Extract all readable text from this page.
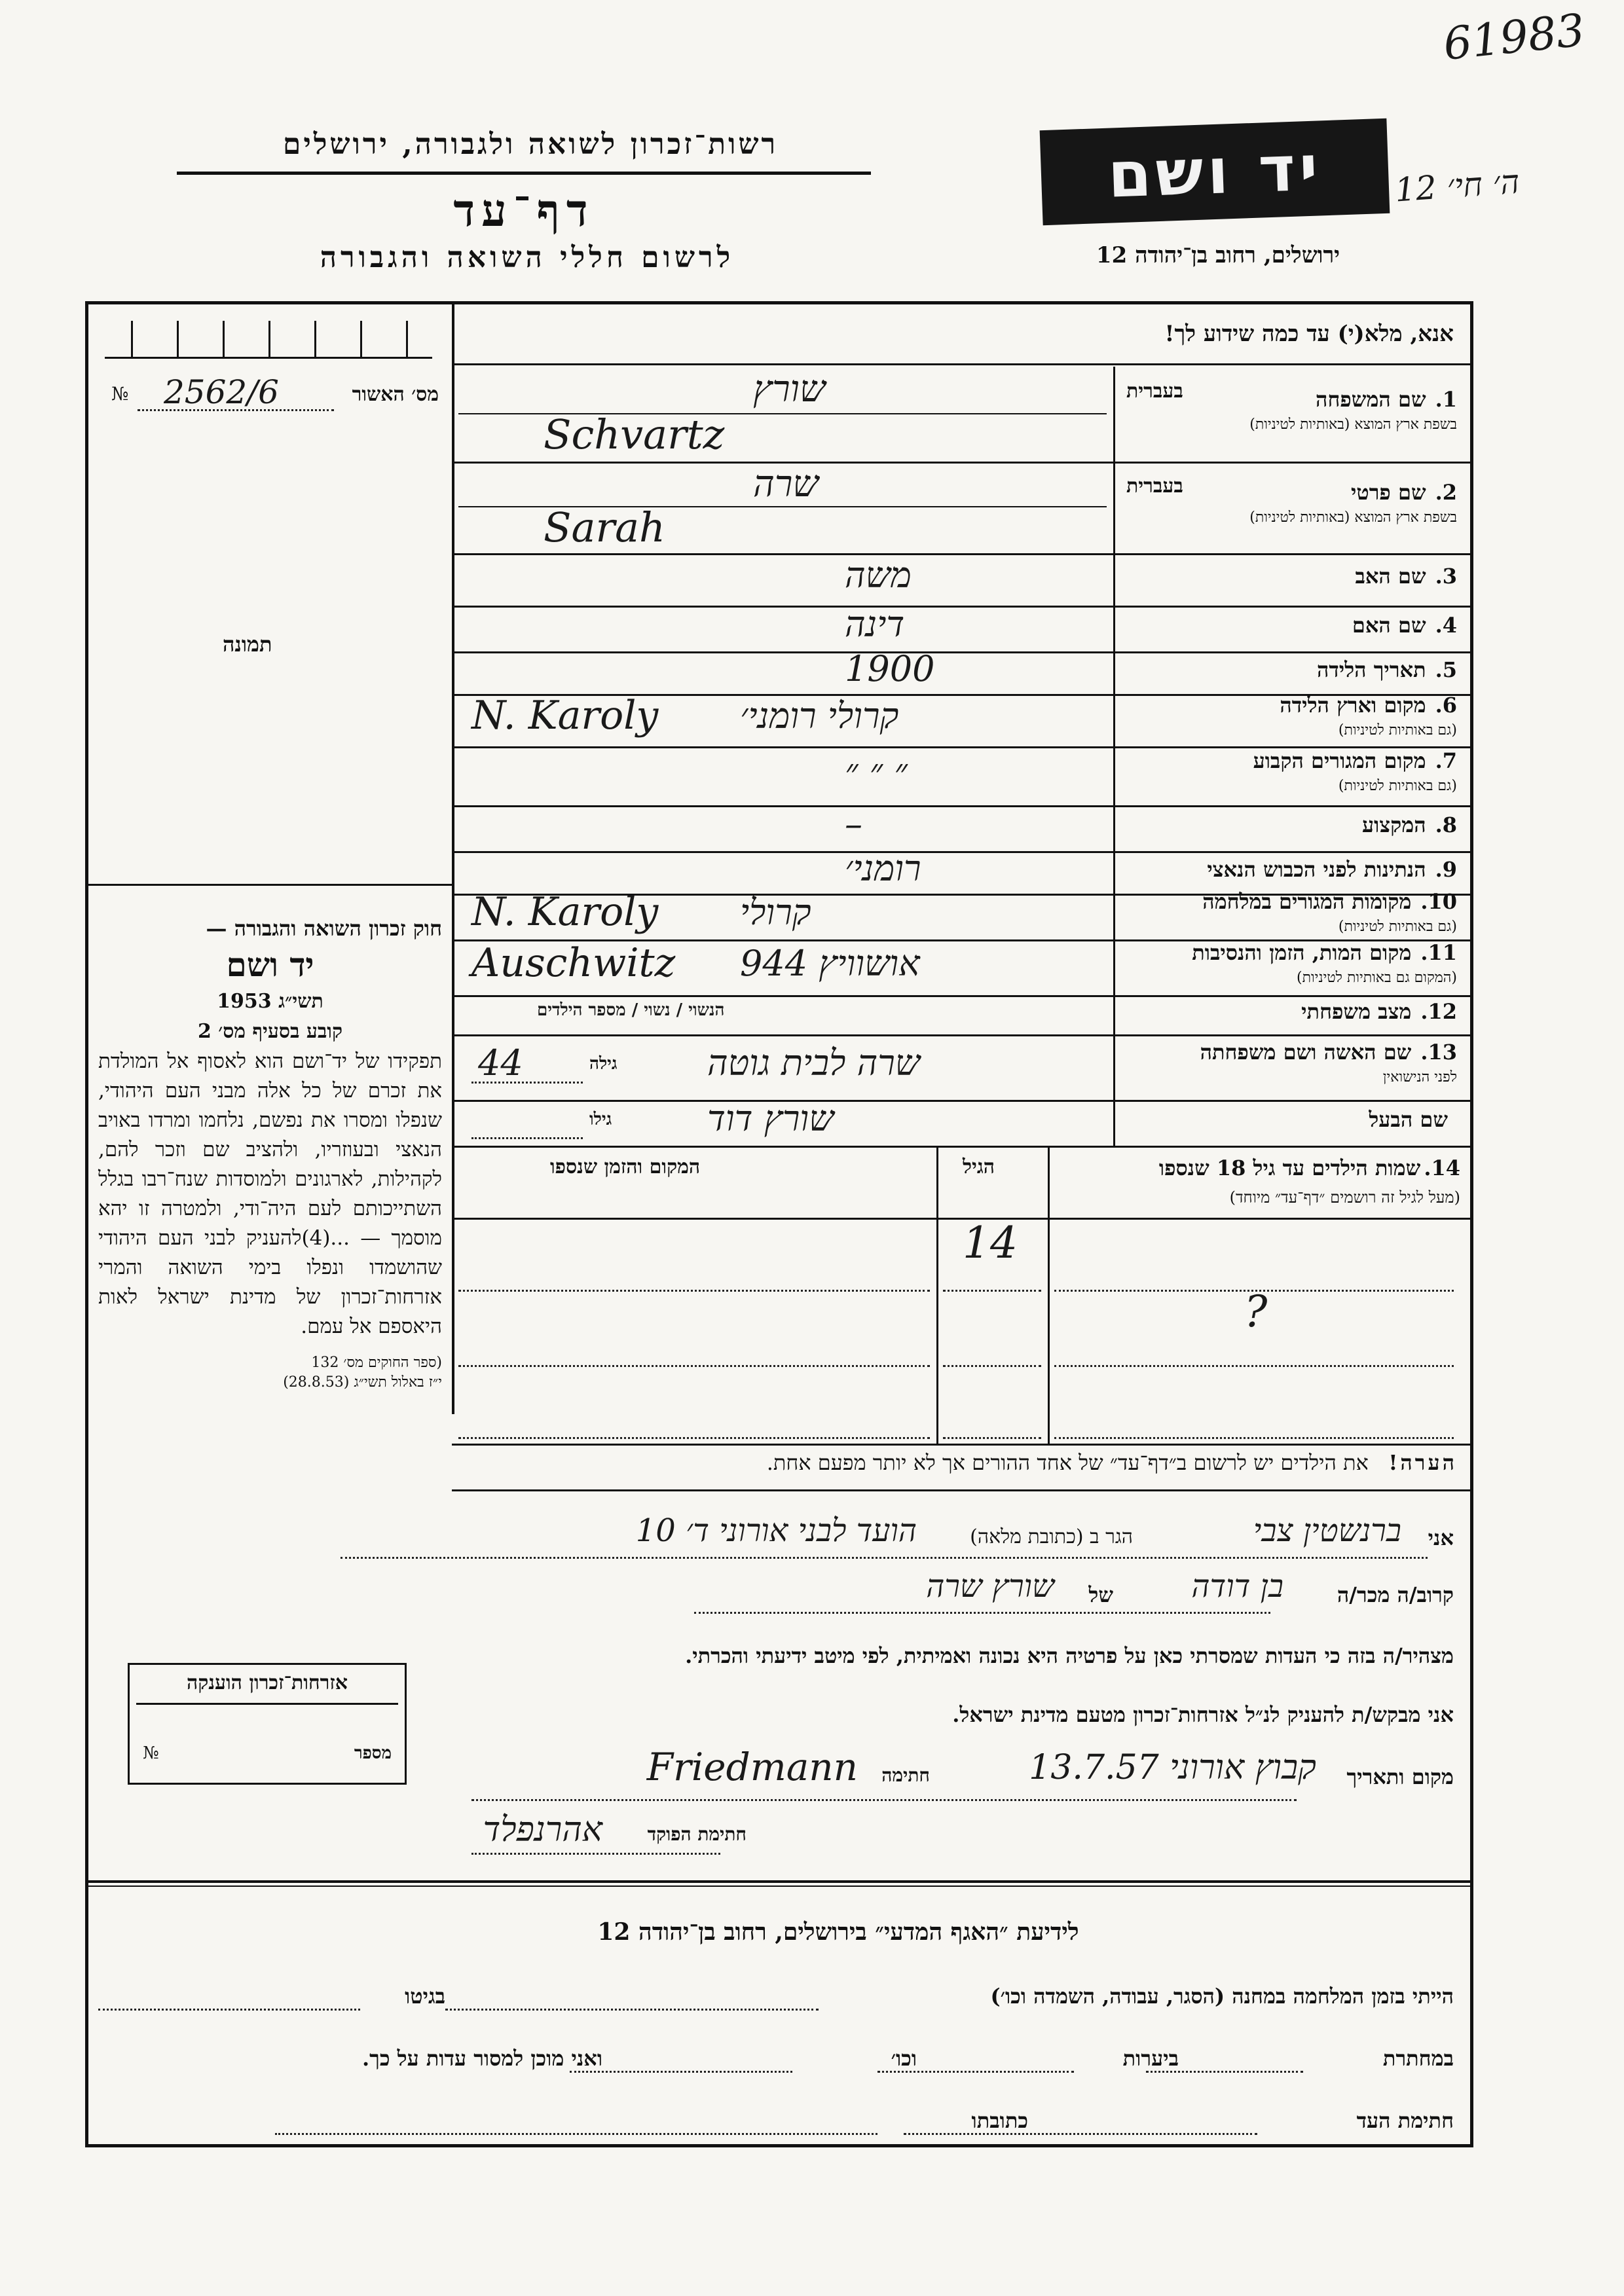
61983
רשות־זכרון לשואה ולגבורה, ירושלים
דף־עד
לרשום חללי השואה והגבורה
יד ושם
ירושלים, רחוב בן־יהודה 12
ה׳ חי׳ 12
אנא, מלא(י) עד כמה שידוע לך!
№ 2562/6	מס׳ האשור
תמונה
1.שם המשפחה
בשפת ארץ המוצא (באותיות לטיניות)
בעברית
שורץ
Schvartz
2.שם פרטי
בשפת ארץ המוצא (באותיות לטיניות)
בעברית
שרה
Sarah
3.שם האב
משה
4.שם האם
דינה
5.תאריך הלידה
1900
6.מקום וארץ הלידה
(גם באותיות לטיניות)
קרולי רומני׳
N. Karoly
7.מקום המגורים הקבוע
(גם באותיות לטיניות)
״ ״ ״
8.המקצוע
–
9.הנתינות לפני הכבוש הנאצי
רומני׳
10.מקומות המגורים במלחמה
(גם באותיות לטיניות)
קרולי
N. Karoly
11.מקום המות, הזמן והנסיבות
(המקום גם באותיות לטיניות)
אושוויץ 944
Auschwitz
12.מצב משפחתי
הנשוי / נשוי / מספר הילדים
13.שם האשה ושם משפחתה
לפני הנישואין
שרה לבית גוטה
גילה
44
שם הבעל
שורץ דוד
גילו

חוק זכרון השואה והגבורה —

יד ושם

תשי״ג 1953

קובע בסעיף מס׳ 2

תפקידו של יד־ושם הוא לאסוף אל המולדת את זכרם של כל אלה מבני העם היהודי, שנפלו ומסרו את נפשם, נלחמו ומרדו באויב הנאצי ובעוזריו, ולהציב שם וזכר להם, לקהילות, לארגונים ולמוסדות שנח־רבו בגלל השתייכותם לעם היה־ודי, ולמטרה זו יהא מוסמך — ...(4)להעניק לבני העם היהודי שהושמדו ונפלו בימי השואה והמרי אזרחות־זכרון של מדינת ישראל לאות היאספם אל עמם.

(ספר החוקים מס׳ 132

י״ז באלול תשי״ג (28.8.53)

14. שמות הילדים עד גיל 18 שנספו
(מעל לגיל זה רושמים ״דף־עד״ מיוחד)
הגיל
המקום והזמן שנספו
14
?
הערה!   את הילדים יש לרשום ב״דף־עד״ של אחד ההורים אך לא יותר מפעם אחת.
אני
ברנשטין צבי
הגר ב (כתובת מלאה)
הועד לבני אורוני ד׳ 10
קרוב/ה מכר/ה
בן דודה
של
שורץ שרה
מצהיר/ה בזה כי העדות שמסרתי כאן על פרטיה היא נכונה ואמיתית, לפי מיטב ידיעתי והכרתי.
אני מבקש/ת להעניק לנ״ל אזרחות־זכרון מטעם מדינת ישראל.
מקום ותאריך
קבוץ אורוני 13.7.57
חתימה
Friedmann
חתימת הפוקד
אהרנפלד
אזרחות־זכרון הוענקה
№	מספר
לידיעת ״האגף המדעי״ בירושלים, רחוב בן־יהודה 12
הייתי בזמן המלחמה במחנה (הסגר, עבודה, השמדה וכו׳)
בגיטו
במחתרת
ביערות
וכו׳
ואני מוכן למסור עדות על כך.
חתימת העד
כתובתו
